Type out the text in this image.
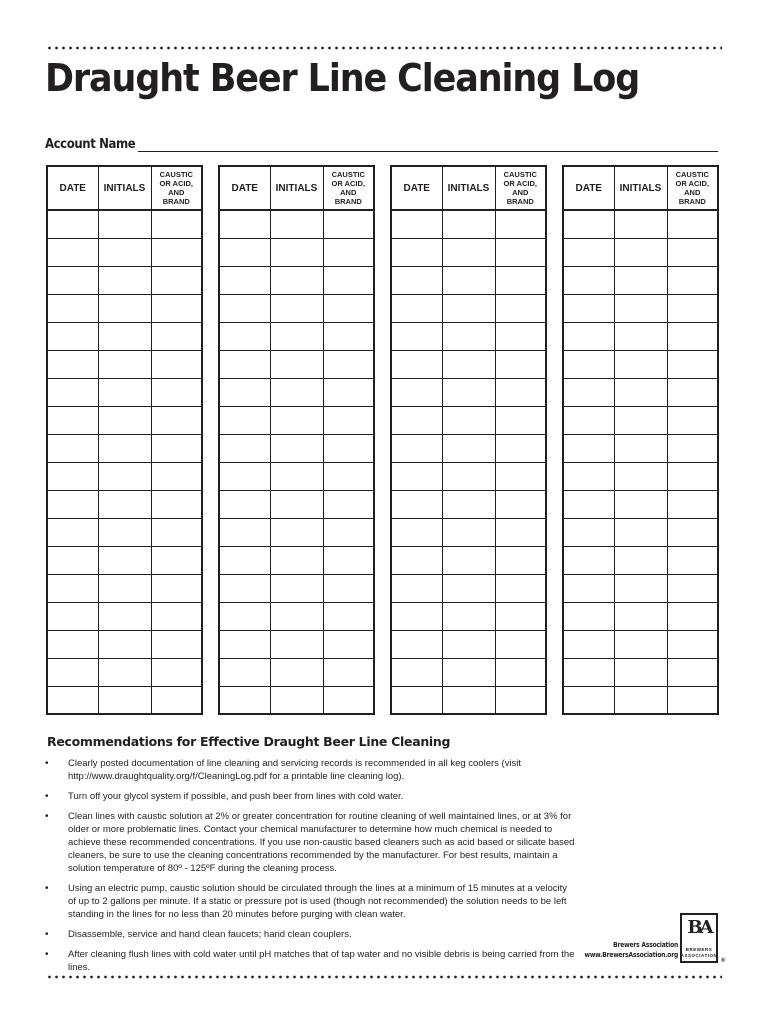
Draught Beer Line Cleaning Log
Account Name
DATE	INITIALS	CAUSTIC
OR ACID,
AND
BRAND

DATE	INITIALS	CAUSTIC
OR ACID,
AND
BRAND

DATE	INITIALS	CAUSTIC
OR ACID,
AND
BRAND

DATE	INITIALS	CAUSTIC
OR ACID,
AND
BRAND

Recommendations for Effective Draught Beer Line Cleaning
• Clearly posted documentation of line cleaning and servicing records is recommended in all keg coolers (visit http://www.draughtquality.org/f/CleaningLog.pdf for a printable line cleaning log).
• Turn off your glycol system if possible, and push beer from lines with cold water.
• Clean lines with caustic solution at 2% or greater concentration for routine cleaning of well maintained lines, or at 3% for older or more problematic lines. Contact your chemical manufacturer to determine how much chemical is needed to achieve these recommended concentrations. If you use non-caustic based cleaners such as acid based or silicate based cleaners, be sure to use the cleaning concentrations recommended by the manufacturer. For best results, maintain a solution temperature of 80º - 125ºF during the cleaning process.
• Using an electric pump, caustic solution should be circulated through the lines at a minimum of 15 minutes at a velocity of up to 2 gallons per minute. If a static or pressure pot is used (though not recommended) the solution needs to be left standing in the lines for no less than 20 minutes before purging with clean water.
• Disassemble, service and hand clean faucets; hand clean couplers.
• After cleaning flush lines with cold water until pH matches that of tap water and no visible debris is being carried from the lines.
Brewers Association
www.BrewersAssociation.org
BA
BREWERS ASSOCIATION
®
